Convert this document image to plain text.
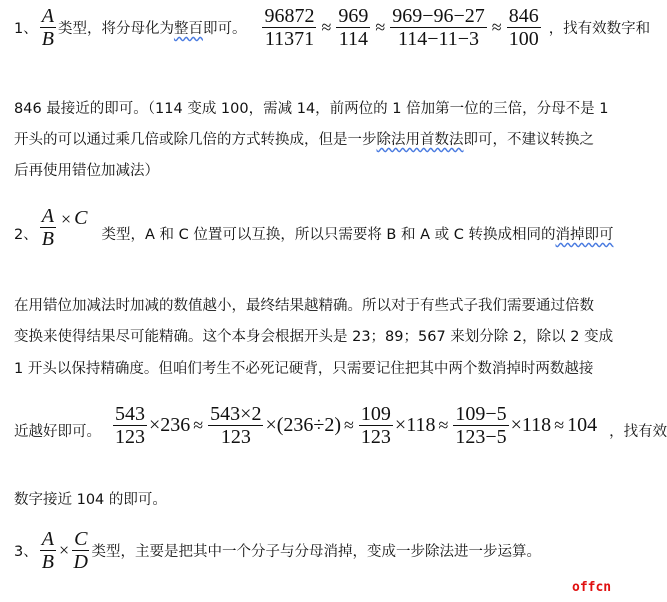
1、 $\frac{A}{B}$ 类型，将分母化为 整百 即可。 $\frac{96872}{11371} \approx \frac{969}{114} \approx \frac{969-96-27}{114-11-3} \approx \frac{846}{100}$ ，找有效数字和
846 最接近的即可。（114 变成 100，需减 14，前两位的 1 倍加第一位的三倍，分母不是 1
开头的可以通过乘几倍或除几倍的方式转换成，但是一步 除法用首数法 即可，不建议转换之
后再使用错位加减法）
2、 $\frac{A}{B} \times C$
类型，A 和 C 位置可以互换，所以只需要将 B 和 A 或 C 转换成相同的 消掉即可
在用错位加减法时加减的数值越小，最终结果越精确。所以对于有些式子我们需要通过倍数
变换来使得结果尽可能精确。这个本身会根据开头是 23；89；567 来划分除 2，除以 2 变成
1 开头以保持精确度。但咱们考生不必死记硬背，只需要记住把其中两个数消掉时两数越接
近越好即可。 $\frac{543}{123} \times 236 \approx \frac{543\times 2}{123} \times(236\div 2) \approx \frac{109}{123} \times 118 \approx \frac{109-5}{123-5} \times 118 \approx 104$ ，找有效
数字接近 104 的即可。
3、 $\frac{A}{B} \times \frac{C}{D}$ 类型，主要是把其中一个分子与分母消掉，变成一步除法进一步运算。
offcn
